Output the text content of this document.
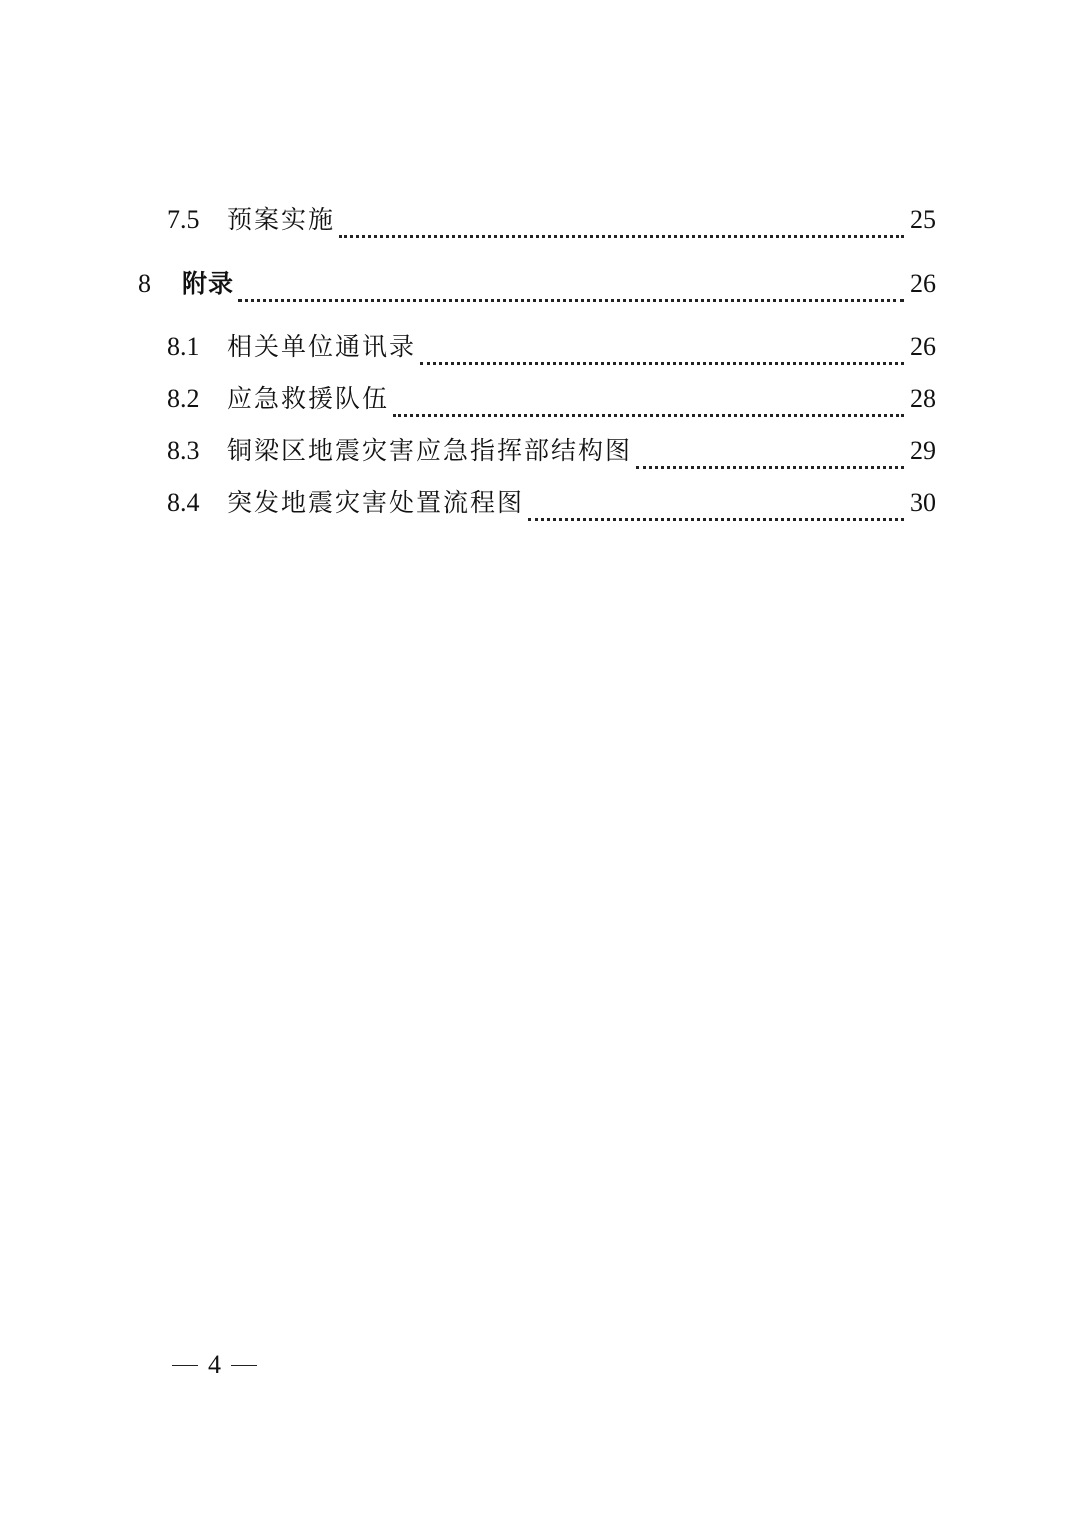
7.5	预案实施	25
8	附录	26
8.1	相关单位通讯录	26
8.2	应急救援队伍	28
8.3	铜梁区地震灾害应急指挥部结构图	29
8.4	突发地震灾害处置流程图	30
4
